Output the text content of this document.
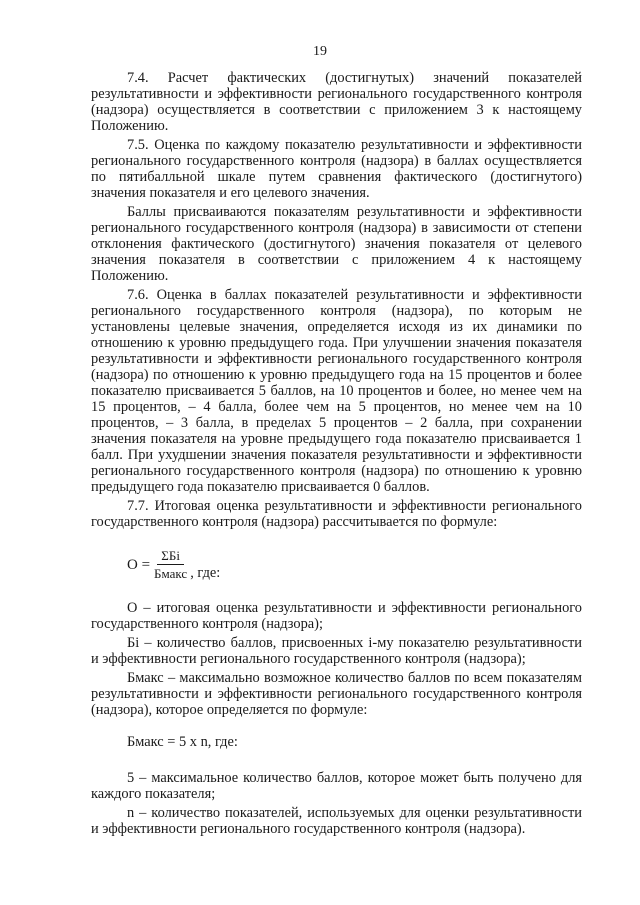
19

7.4. Расчет фактических (достигнутых) значений показателей результативности и эффективности регионального государственного контроля (надзора) осуществляется в соответствии с приложением 3 к настоящему Положению.

7.5. Оценка по каждому показателю результативности и эффективности регионального государственного контроля (надзора) в баллах осуществляется по пятибалльной шкале путем сравнения фактического (достигнутого) значения показателя и его целевого значения.

Баллы присваиваются показателям результативности и эффективности регионального государственного контроля (надзора) в зависимости от степени отклонения фактического (достигнутого) значения показателя от целевого значения показателя в соответствии с приложением 4 к настоящему Положению.

7.6. Оценка в баллах показателей результативности и эффективности регионального государственного контроля (надзора), по которым не установлены целевые значения, определяется исходя из их динамики по отношению к уровню предыдущего года. При улучшении значения показателя результативности и эффективности регионального государственного контроля (надзора) по отношению к уровню предыдущего года на 15 процентов и более показателю присваивается 5 баллов, на 10 процентов и более, но менее чем на 15 процентов, – 4 балла, более чем на 5 процентов, но менее чем на 10 процентов, – 3 балла, в пределах 5 процентов – 2 балла, при сохранении значения показателя на уровне предыдущего года показателю присваивается 1 балл. При ухудшении значения показателя результативности и эффективности регионального государственного контроля (надзора) по отношению к уровню предыдущего года показателю присваивается 0 баллов.

7.7. Итоговая оценка результативности и эффективности регионального государственного контроля (надзора) рассчитывается по формуле:

$О = \frac{\text{ΣБi}}{\text{Бмакс}}$ , где:

О – итоговая оценка результативности и эффективности регионального государственного контроля (надзора);

Бi – количество баллов, присвоенных i-му показателю результативности и эффективности регионального государственного контроля (надзора);

Бмакс – максимально возможное количество баллов по всем показателям результативности и эффективности регионального государственного контроля (надзора), которое определяется по формуле:

Бмакс = 5 х n, где:

5 – максимальное количество баллов, которое может быть получено для каждого показателя;

n – количество показателей, используемых для оценки результативности и эффективности регионального государственного контроля (надзора).
